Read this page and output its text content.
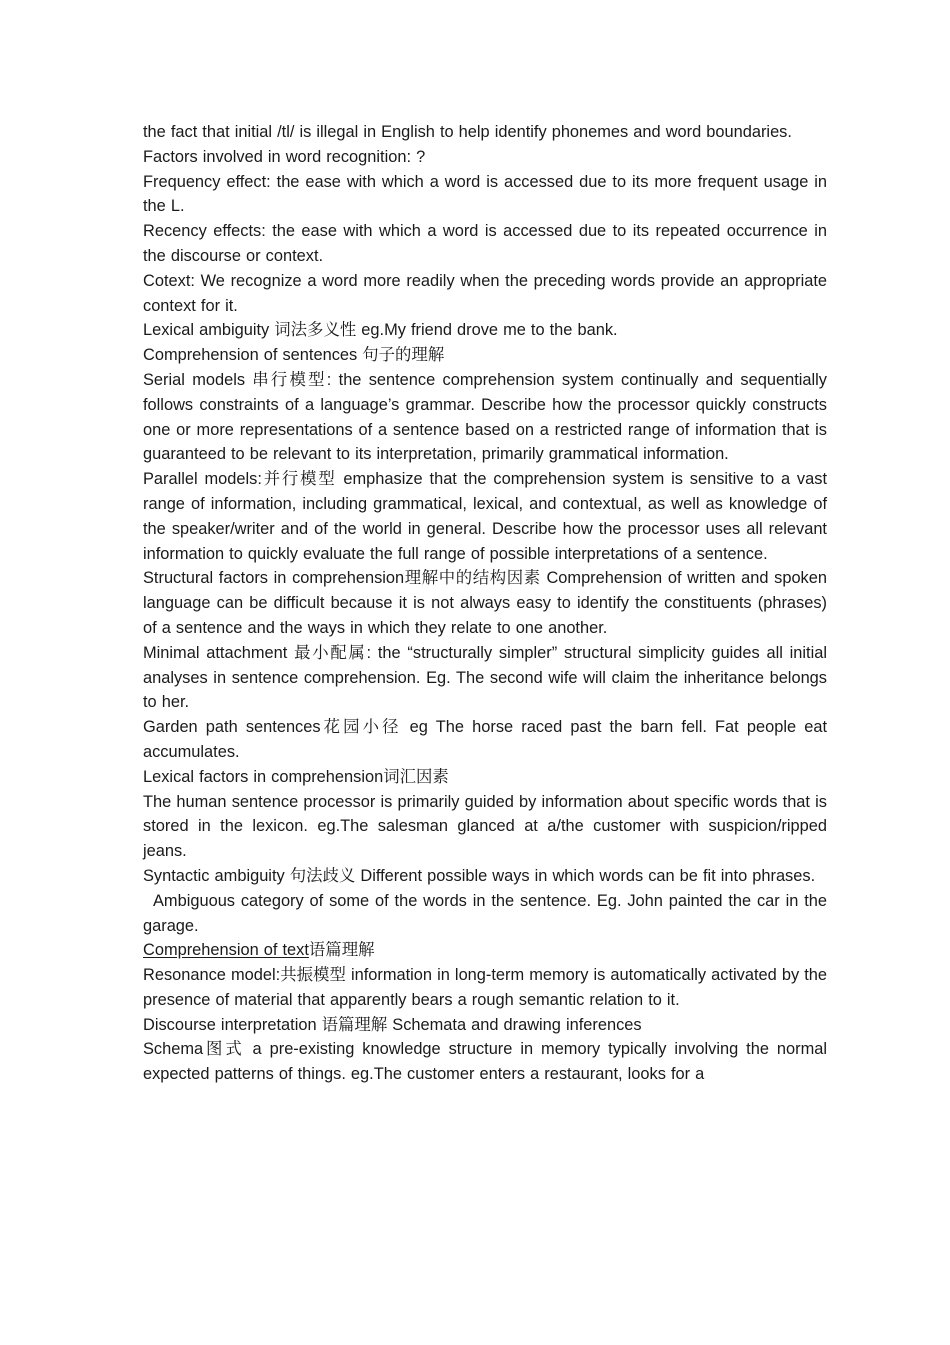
the fact that initial /tl/ is illegal in English to help identify phonemes and word boundaries.

Factors involved in word recognition: ?

Frequency effect: the ease with which a word is accessed due to its more frequent usage in the L.

Recency effects: the ease with which a word is accessed due to its repeated occurrence in the discourse or context.

Cotext: We recognize a word more readily when the preceding words provide an appropriate context for it.

Lexical ambiguity 词法多义性 eg.My friend drove me to the bank.

Comprehension of sentences 句子的理解

Serial models 串行模型: the sentence comprehension system continually and sequentially follows constraints of a language’s grammar. Describe how the processor quickly constructs one or more representations of a sentence based on a restricted range of information that is guaranteed to be relevant to its interpretation, primarily grammatical information.

Parallel models:并行模型 emphasize that the comprehension system is sensitive to a vast range of information, including grammatical, lexical, and contextual, as well as knowledge of the speaker/writer and of the world in general. Describe how the processor uses all relevant information to quickly evaluate the full range of possible interpretations of a sentence.

Structural factors in comprehension理解中的结构因素 Comprehension of written and spoken language can be difficult because it is not always easy to identify the constituents (phrases) of a sentence and the ways in which they relate to one another.

Minimal attachment 最小配属: the “structurally simpler” structural simplicity guides all initial analyses in sentence comprehension. Eg. The second wife will claim the inheritance belongs to her.

Garden path sentences花园小径 eg The horse raced past the barn fell. Fat people eat accumulates.

Lexical factors in comprehension词汇因素

The human sentence processor is primarily guided by information about specific words that is stored in the lexicon. eg.The salesman glanced at a/the customer with suspicion/ripped jeans.

Syntactic ambiguity 句法歧义 Different possible ways in which words can be fit into phrases.

Ambiguous category of some of the words in the sentence. Eg. John painted the car in the garage.

Comprehension of text语篇理解

Resonance model:共振模型 information in long-term memory is automatically activated by the presence of material that apparently bears a rough semantic relation to it.

Discourse interpretation 语篇理解 Schemata and drawing inferences

Schema图式 a pre-existing knowledge structure in memory typically involving the normal expected patterns of things. eg.The customer enters a restaurant, looks for a
